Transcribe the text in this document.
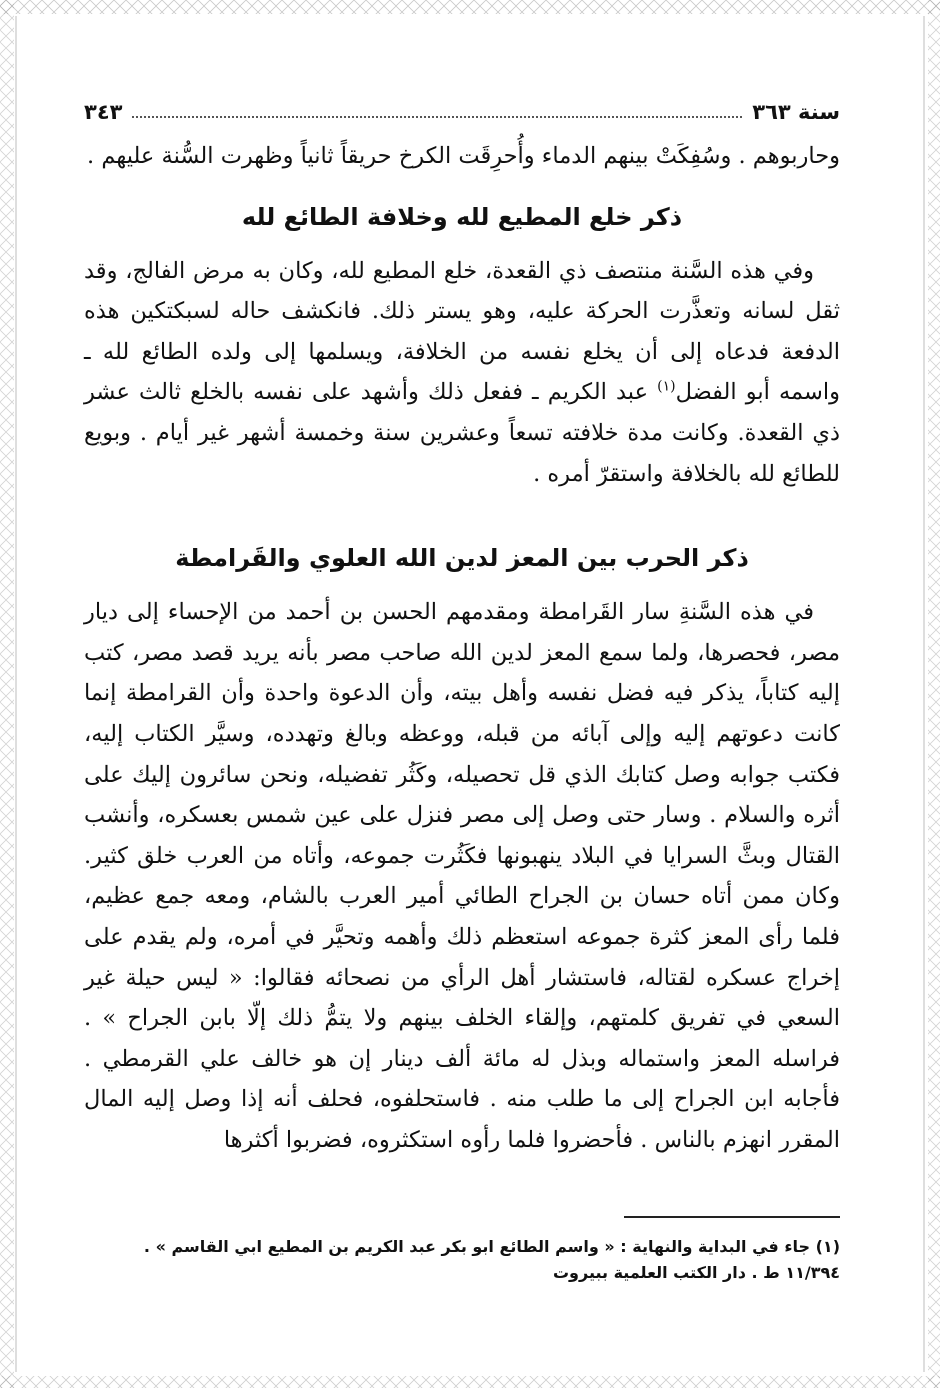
سنة ٣٦٣
٣٤٣

وحاربوهم . وسُفِكَتْ بينهم الدماء وأُحرِقَت الكرخ حريقاً ثانياً وظهرت السُّنة عليهم .

ذكر خلع المطيع لله وخلافة الطائع لله

وفي هذه السَّنة منتصف ذي القعدة، خلع المطيع لله، وكان به مرض الفالج، وقد ثقل لسانه وتعذَّرت الحركة عليه، وهو يستر ذلك. فانكشف حاله لسبكتكين هذه الدفعة فدعاه إلى أن يخلع نفسه من الخلافة، ويسلمها إلى ولده الطائع لله ـ واسمه أبو الفضل$^{(١)}$ عبد الكريم ـ ففعل ذلك وأشهد على نفسه بالخلع ثالث عشر ذي القعدة. وكانت مدة خلافته تسعاً وعشرين سنة وخمسة أشهر غير أيام . وبويع للطائع لله بالخلافة واستقرّ أمره .

ذكر الحرب بين المعز لدين الله العلوي والقَرامطة

في هذه السَّنةِ سار القَرامطة ومقدمهم الحسن بن أحمد من الإحساء إلى ديار مصر، فحصرها، ولما سمع المعز لدين الله صاحب مصر بأنه يريد قصد مصر، كتب إليه كتاباً، يذكر فيه فضل نفسه وأهل بيته، وأن الدعوة واحدة وأن القرامطة إنما كانت دعوتهم إليه وإلى آبائه من قبله، ووعظه وبالغ وتهدده، وسيَّر الكتاب إليه، فكتب جوابه وصل كتابك الذي قل تحصيله، وكَثُر تفضيله، ونحن سائرون إليك على أثره والسلام . وسار حتى وصل إلى مصر فنزل على عين شمس بعسكره، وأنشب القتال وبثَّ السرايا في البلاد ينهبونها فكَثُرت جموعه، وأتاه من العرب خلق كثير. وكان ممن أتاه حسان بن الجراح الطائي أمير العرب بالشام، ومعه جمع عظيم، فلما رأى المعز كثرة جموعه استعظم ذلك وأهمه وتحيَّر في أمره، ولم يقدم على إخراج عسكره لقتاله، فاستشار أهل الرأي من نصحائه فقالوا: « ليس حيلة غير السعي في تفريق كلمتهم، وإلقاء الخلف بينهم ولا يتمُّ ذلك إلّا بابن الجراح » . فراسله المعز واستماله وبذل له مائة ألف دينار إن هو خالف علي القرمطي . فأجابه ابن الجراح إلى ما طلب منه . فاستحلفوه، فحلف أنه إذا وصل إليه المال المقرر انهزم بالناس . فأحضروا فلما رأوه استكثروه، فضربوا أكثرها

(١) جاء في البداية والنهاية : « واسم الطائع ابو بكر عبد الكريم بن المطيع ابي القاسم » . ١١/٣٩٤ ط . دار الكتب العلمية ببيروت
